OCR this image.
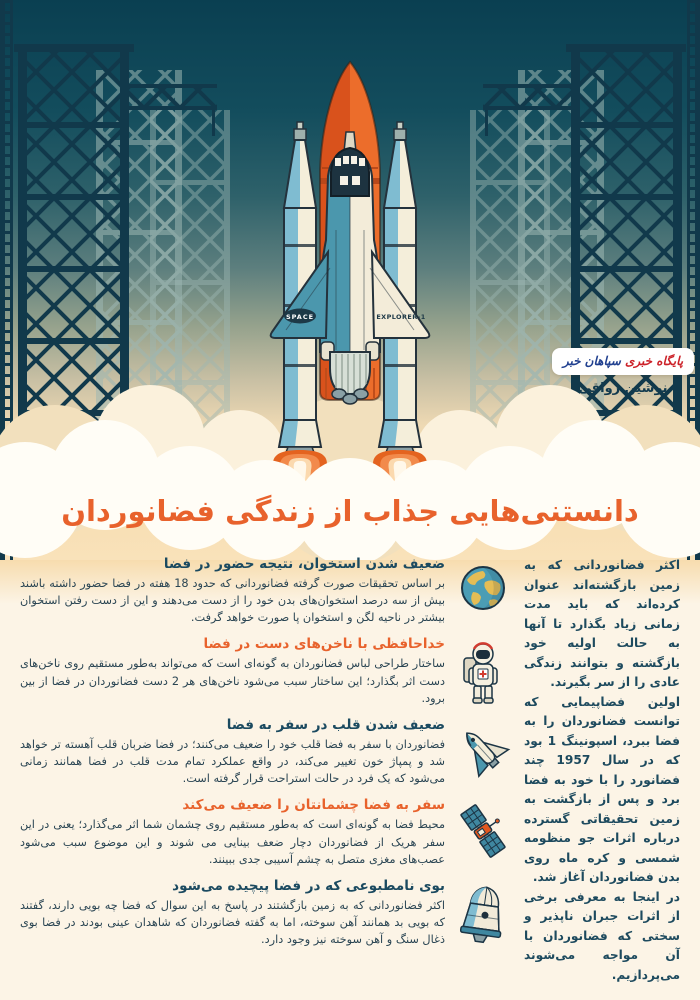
SPACE	EXPLORER-1
پایگاه خبری سپاهان خبر
نوشین رواقی
دانستنی‌هایی جذاب از زندگی فضانوردان

اکثر فضانوردانی که به زمین بازگشته‌اند عنوان کرده‌اند که باید مدت زمانی زیاد بگذارد تا آنها به حالت اولیه خود بازگشته و بتوانند زندگی عادی را از سر بگیرند.

اولین فضاپیمایی که توانست فضانوردان را به فضا ببرد، اسپونینگ 1 بود که در سال 1957 چند فضانورد را با خود به فضا برد و پس از بازگشت به زمین تحقیقاتی گسترده درباره اثرات جو منظومه شمسی و کره ماه روی بدن فضانوردان آغاز شد.

در اینجا به معرفی برخی از اثرات جبران ناپذیر و سختی که فضانوردان با آن مواجه می‌شوند می‌پردازیم.

ضعیف شدن استخوان، نتیجه حضور در فضا

بر اساس تحقیقات صورت گرفته فضانوردانی که حدود 18 هفته در فضا حضور داشته باشند بیش از سه درصد استخوان‌های بدن خود را از دست می‌دهند و این از دست رفتن استخوان بیشتر در ناحیه لگن و استخوان پا صورت خواهد گرفت.

خداحافظی با ناخن‌های دست در فضا

ساختار طراحی لباس فضانوردان به گونه‌ای است که می‌تواند به‌طور مستقیم روی ناخن‌های دست اثر بگذارد؛ این ساختار سبب می‌شود ناخن‌های هر 2 دست فضانوردان در فضا از بین برود.

ضعیف شدن قلب در سفر به فضا

فضانوردان با سفر به فضا قلب خود را ضعیف می‌کنند؛ در فضا ضربان قلب آهسته تر خواهد شد و پمپاژ خون تغییر می‌کند، در واقع عملکرد تمام مدت قلب در فضا همانند زمانی می‌شود که یک فرد در حالت استراحت قرار گرفته است.

سفر به فضا چشمانتان را ضعیف می‌کند

محیط فضا به گونه‌ای است که به‌طور مستقیم روی چشمان شما اثر می‌گذارد؛ یعنی در این سفر هریک از فضانوردان دچار ضعف بینایی می شوند و این موضوع سبب می‌شود عصب‌های مغزی متصل به چشم آسیبی جدی ببینند.

بوی نامطبوعی که در فضا پیچیده می‌شود

اکثر فضانوردانی که به زمین بازگشتند در پاسخ به این سوال که فضا چه بویی دارند، گفتند که بویی بد همانند آهن سوخته، اما به گفته فضانوردان که شاهدان عینی بودند در فضا بوی ذغال سنگ و آهن سوخته نیز وجود دارد.
